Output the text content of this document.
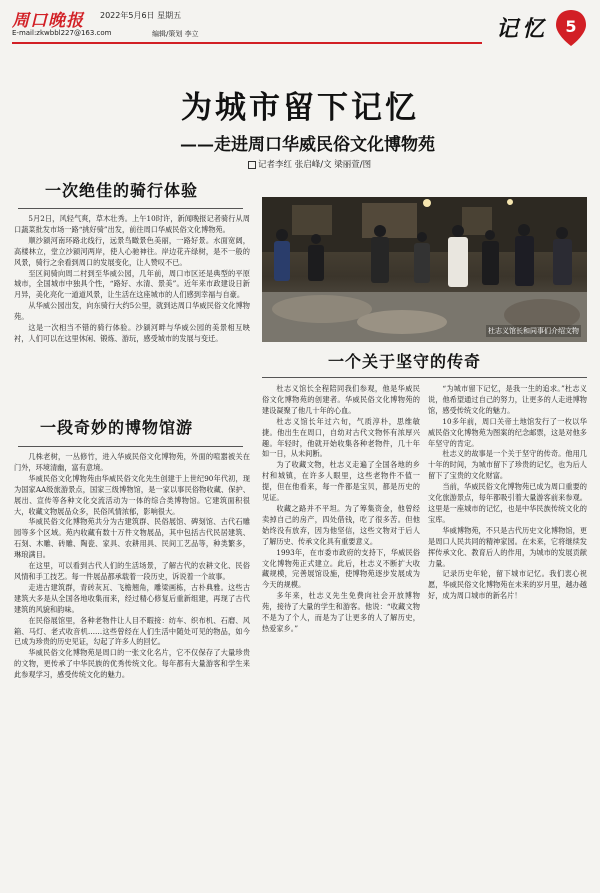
周口晚报 2022年5月6日 星期五
E-mail:zkwbbl227@163.com	编辑/策划 李立	记忆 5
为城市留下记忆
——走进周口华威民俗文化博物苑
记者李红 张启峰/文 梁丽萱/图
一次绝佳的骑行体验

5月2日，风轻气爽，草木壮秀。上午10时许，新闻晚报记者骑行从周口蔬菜批发市场一路“挑好骑”出发，前往周口华威民俗文化博物苑。

顺沙颍河南环路北线行，远景鸟瞰景色美丽，一路好景。水面宽阔，高楼林立，堂立沙颍河两岸，使人心驰神往。岸边花卉绿树，是不一般的风景，骑行之余看到周口的发展变化，让人赞叹不已。

至区间骑向周二村到至华威公园，几年前，周口市区还是典型的平原城市，全国城市中独具个性，“路好、水清、景美”。近年来市政建设日新月异，美化亮化一道道风景，让生活在这座城市的人们感到幸福与自豪。

从华威公园出发，向东骑行大约5公里，就到达周口华威民俗文化博物苑。

这是一次相当不错的骑行体验。沙颍河畔与华威公园的美景相互映衬，人们可以在这里休闲、锻炼、游玩，感受城市的发展与变迁。

一段奇妙的博物馆游

几株老树，一丛修竹，进入华威民俗文化博物苑，外面的喧嚣被关在门外，环境清幽，富有意境。

华威民俗文化博物苑由华威民俗文化先生创建于上世纪90年代初，现为国家AA级旅游景点，国家三级博物馆，是一家以事民俗物收藏、保护、展出、宣传等各种文化交流活动为一体的综合类博物馆。它建筑面积很大，收藏文物展品众多，民俗风情浓郁，影响很大。

华威民俗文化博物苑共分为古建筑群、民俗展馆、碑刻馆、古代石雕园等多个区域。苑内收藏有数十万件文物展品，其中包括古代民居建筑、石刻、木雕、砖雕、陶瓷、家具、农耕用具、民间工艺品等，种类繁多，琳琅满目。

在这里，可以看到古代人们的生活场景，了解古代的农耕文化、民俗风情和手工技艺。每一件展品都承载着一段历史，诉说着一个故事。

走进古建筑群，青砖灰瓦、飞檐翘角，雕梁画栋，古朴典雅。这些古建筑大多是从全国各地收集而来，经过精心修复后重新组建，再现了古代建筑的风貌和韵味。

在民俗展馆里，各种老物件让人目不暇接：纺车、织布机、石磨、风箱、马灯、老式收音机……这些曾经在人们生活中随处可见的物品，如今已成为珍贵的历史见证，勾起了许多人的回忆。

华威民俗文化博物苑是周口的一张文化名片，它不仅保存了大量珍贵的文物，更传承了中华民族的优秀传统文化。每年都有大量游客和学生来此参观学习，感受传统文化的魅力。

杜志义馆长和同事们介绍文物
一个关于坚守的传奇

杜志义馆长全程陪同我们参观，他是华威民俗文化博物苑的创建者。华威民俗文化博物苑的建设凝聚了他几十年的心血。

杜志义馆长年过六旬，气质淳朴，思维敏捷。他出生在周口，自幼对古代文物怀有浓厚兴趣。年轻时，他就开始收集各种老物件，几十年如一日，从未间断。

为了收藏文物，杜志义走遍了全国各地的乡村和城镇，在许多人眼里，这些老物件不值一提，但在他看来，每一件都是宝贝，都是历史的见证。

收藏之路并不平坦。为了筹集资金，他曾经卖掉自己的房产，四处借钱，吃了很多苦。但他始终没有放弃，因为他坚信，这些文物对于后人了解历史、传承文化具有重要意义。

1993年，在市委市政府的支持下，华威民俗文化博物苑正式建立。此后，杜志义不断扩大收藏规模，完善展馆设施，使博物苑逐步发展成为今天的规模。

多年来，杜志义先生免费向社会开放博物苑，接待了大量的学生和游客。他说：“收藏文物不是为了个人，而是为了让更多的人了解历史，热爱家乡。”

“为城市留下记忆，是我一生的追求。”杜志义说，他希望通过自己的努力，让更多的人走进博物馆，感受传统文化的魅力。

10多年前，周口关帝土地馆发行了一枚以华威民俗文化博物苑为图案的纪念邮票，这是对他多年坚守的肯定。

杜志义的故事是一个关于坚守的传奇。他用几十年的时间，为城市留下了珍贵的记忆，也为后人留下了宝贵的文化财富。

当前，华威民俗文化博物苑已成为周口重要的文化旅游景点，每年都吸引着大量游客前来参观。这里是一座城市的记忆，也是中华民族传统文化的宝库。

华威博物苑，不只是古代历史文化博物馆，更是周口人民共同的精神家园。在未来，它将继续发挥传承文化、教育后人的作用，为城市的发展贡献力量。

记录历史年轮，留下城市记忆。我们衷心祝愿，华威民俗文化博物苑在未来的岁月里，越办越好，成为周口城市的新名片！
